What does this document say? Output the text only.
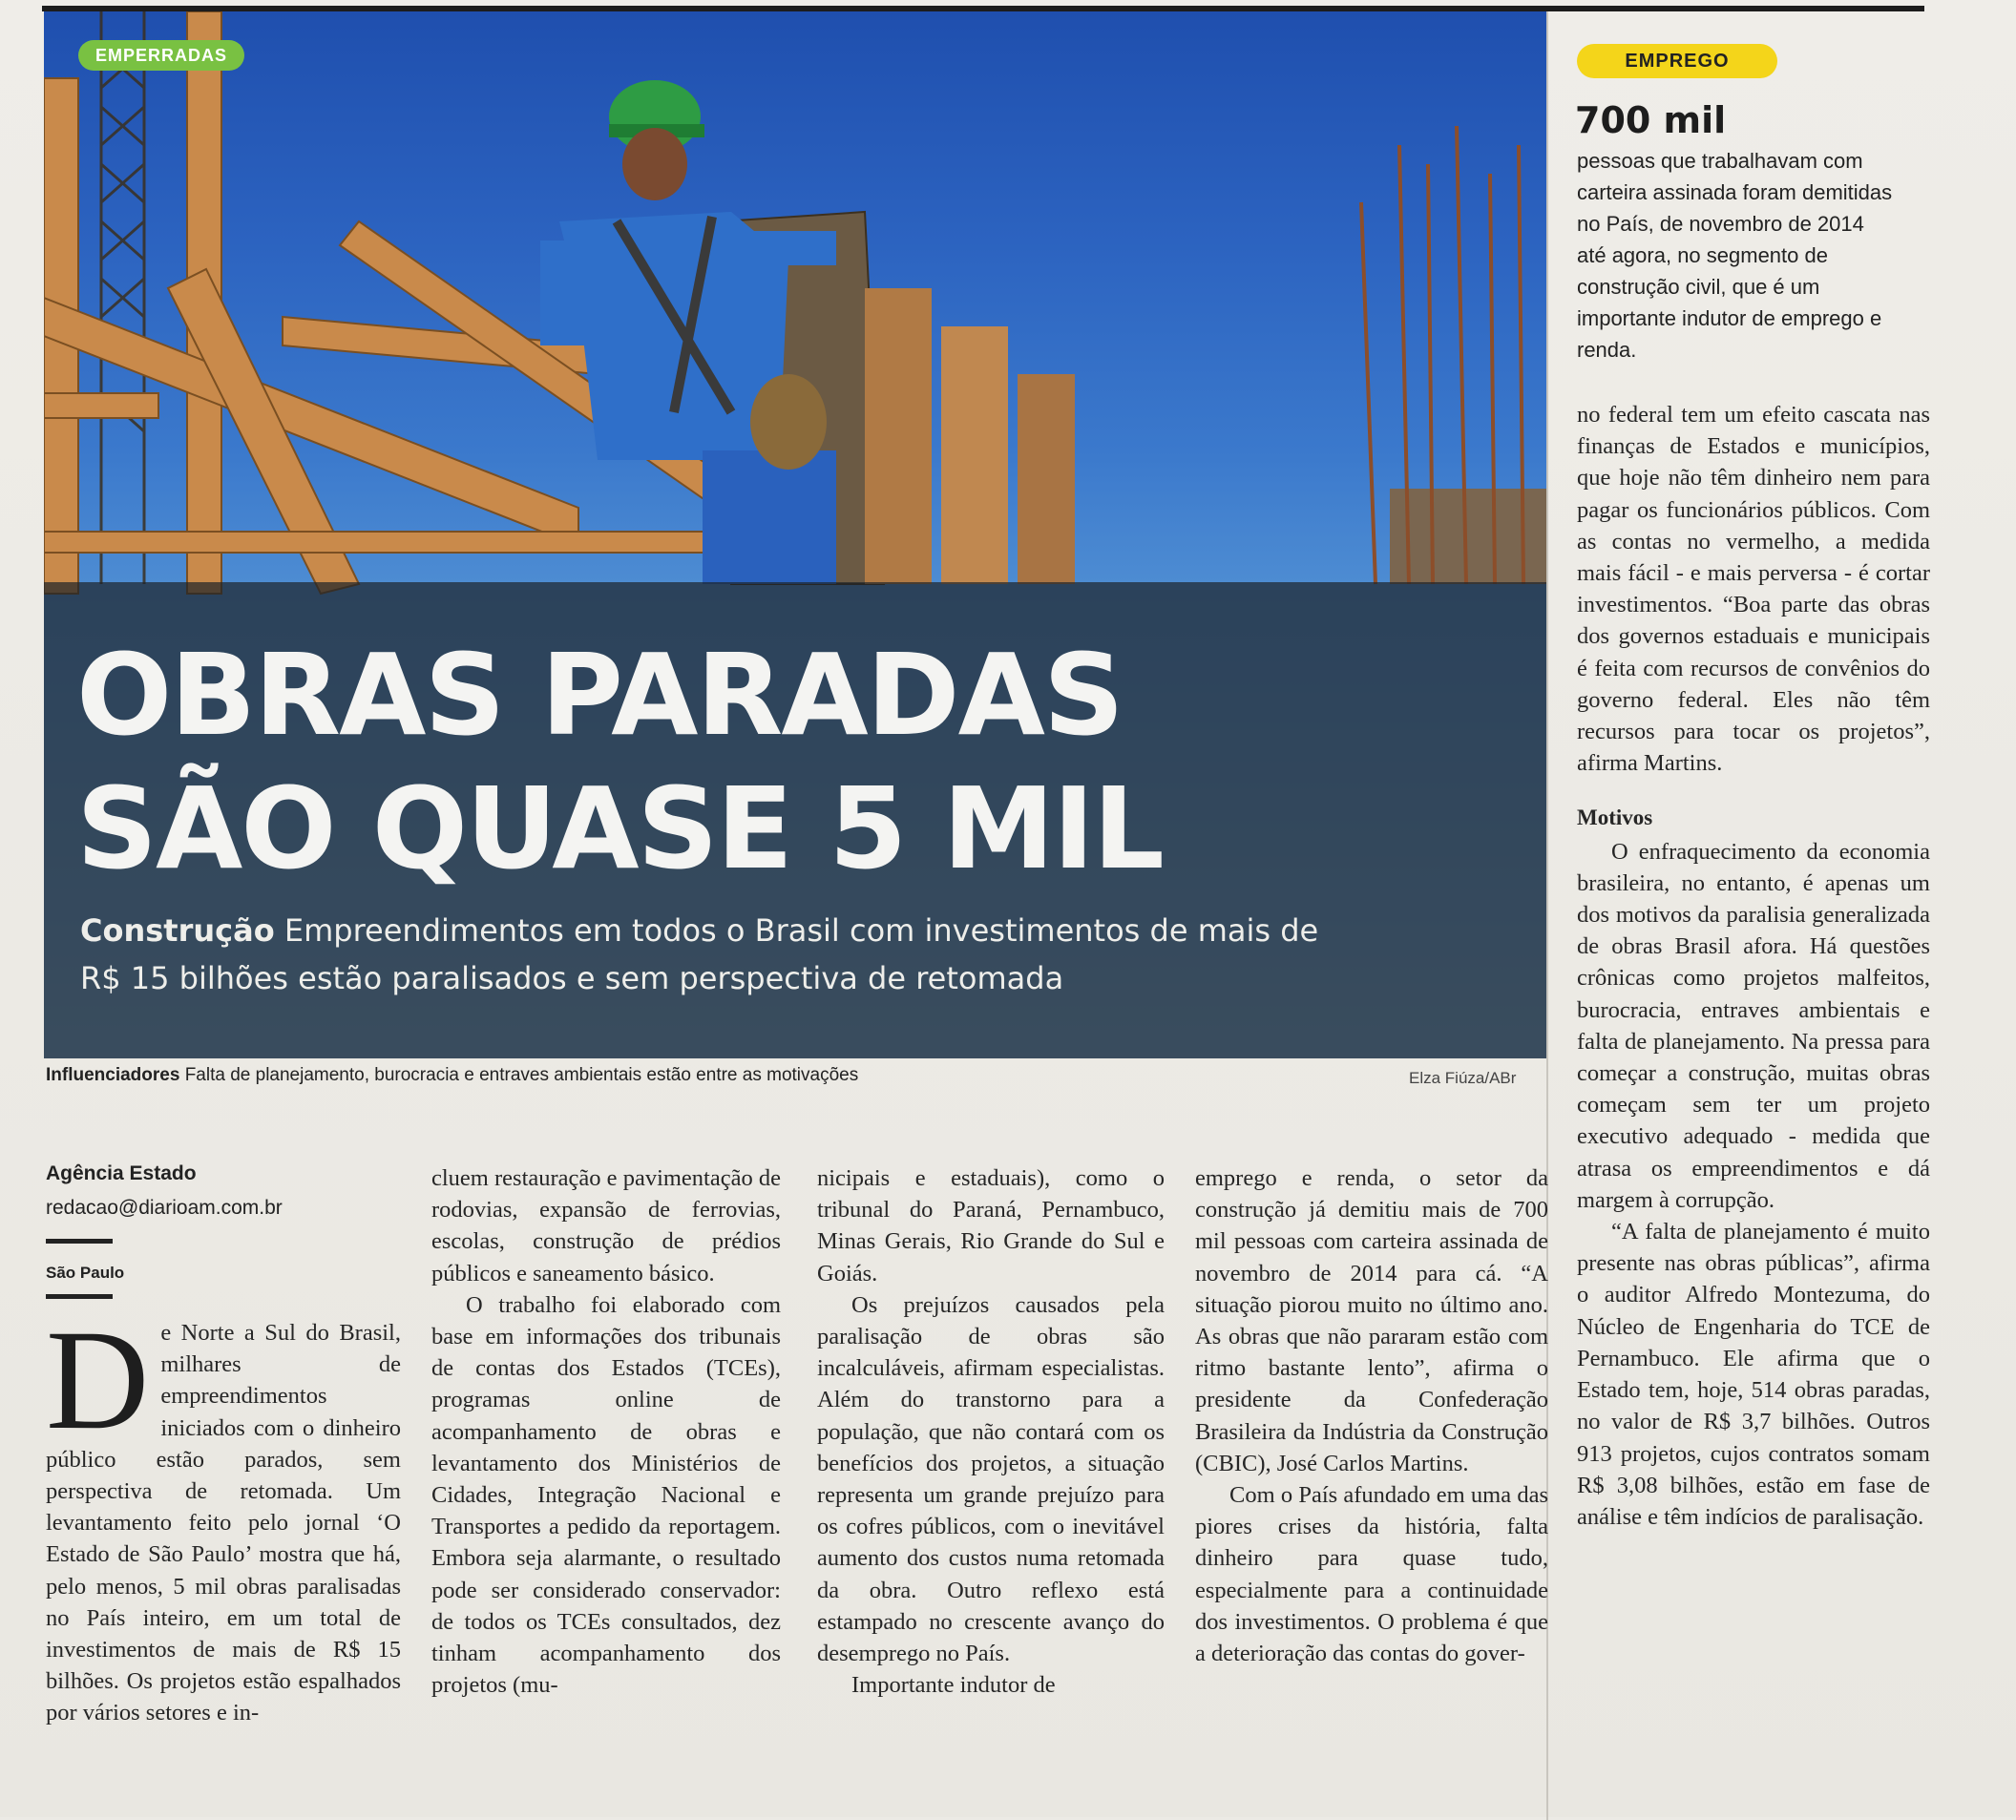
EMPERRADAS
OBRAS PARADAS
SÃO QUASE 5 MIL
Construção Empreendimentos em todos o Brasil com investimentos de mais de
R$ 15 bilhões estão paralisados e sem perspectiva de retomada
Influenciadores Falta de planejamento, burocracia e entraves ambientais estão entre as motivações	Elza Fiúza/ABr
EMPREGO
700 mil
pessoas que trabalhavam com carteira assinada foram demitidas no País, de novembro de 2014 até agora, no segmento de construção civil, que é um importante indutor de emprego e renda.
Agência Estado
redacao@diarioam.com.br
São Paulo

De Norte a Sul do Brasil, milhares de empreendimentos iniciados com o dinheiro público estão parados, sem perspectiva de retomada. Um levantamento feito pelo jornal ‘O Estado de São Paulo’ mostra que há, pelo menos, 5 mil obras paralisadas no País inteiro, em um total de investimentos de mais de R$ 15 bilhões. Os projetos estão espalhados por vários setores e in-

cluem restauração e pavimentação de rodovias, expansão de ferrovias, escolas, construção de prédios públicos e saneamento básico.

O trabalho foi elaborado com base em informações dos tribunais de contas dos Estados (TCEs), programas online de acompanhamento de obras e levantamento dos Ministérios de Cidades, Integração Nacional e Transportes a pedido da reportagem. Embora seja alarmante, o resultado pode ser considerado conservador: de todos os TCEs consultados, dez tinham acompanhamento dos projetos (mu-

nicipais e estaduais), como o tribunal do Paraná, Pernambuco, Minas Gerais, Rio Grande do Sul e Goiás.

Os prejuízos causados pela paralisação de obras são incalculáveis, afirmam especialistas. Além do transtorno para a população, que não contará com os benefícios dos projetos, a situação representa um grande prejuízo para os cofres públicos, com o inevitável aumento dos custos numa retomada da obra. Outro reflexo está estampado no crescente avanço do desemprego no País.

Importante indutor de

emprego e renda, o setor da construção já demitiu mais de 700 mil pessoas com carteira assinada de novembro de 2014 para cá. “A situação piorou muito no último ano. As obras que não pararam estão com ritmo bastante lento”, afirma o presidente da Confederação Brasileira da Indústria da Construção (CBIC), José Carlos Martins.

Com o País afundado em uma das piores crises da história, falta dinheiro para quase tudo, especialmente para a continuidade dos investimentos. O problema é que a deterioração das contas do gover-

no federal tem um efeito cascata nas finanças de Estados e municípios, que hoje não têm dinheiro nem para pagar os funcionários públicos. Com as contas no vermelho, a medida mais fácil - e mais perversa - é cortar investimentos. “Boa parte das obras dos governos estaduais e municipais é feita com recursos de convênios do governo federal. Eles não têm recursos para tocar os projetos”, afirma Martins.

Motivos

O enfraquecimento da economia brasileira, no entanto, é apenas um dos motivos da paralisia generalizada de obras Brasil afora. Há questões crônicas como projetos malfeitos, burocracia, entraves ambientais e falta de planejamento. Na pressa para começar a construção, muitas obras começam sem ter um projeto executivo adequado - medida que atrasa os empreendimentos e dá margem à corrupção.

“A falta de planejamento é muito presente nas obras públicas”, afirma o auditor Alfredo Montezuma, do Núcleo de Engenharia do TCE de Pernambuco. Ele afirma que o Estado tem, hoje, 514 obras paradas, no valor de R$ 3,7 bilhões. Outros 913 projetos, cujos contratos somam R$ 3,08 bilhões, estão em fase de análise e têm indícios de paralisação.
